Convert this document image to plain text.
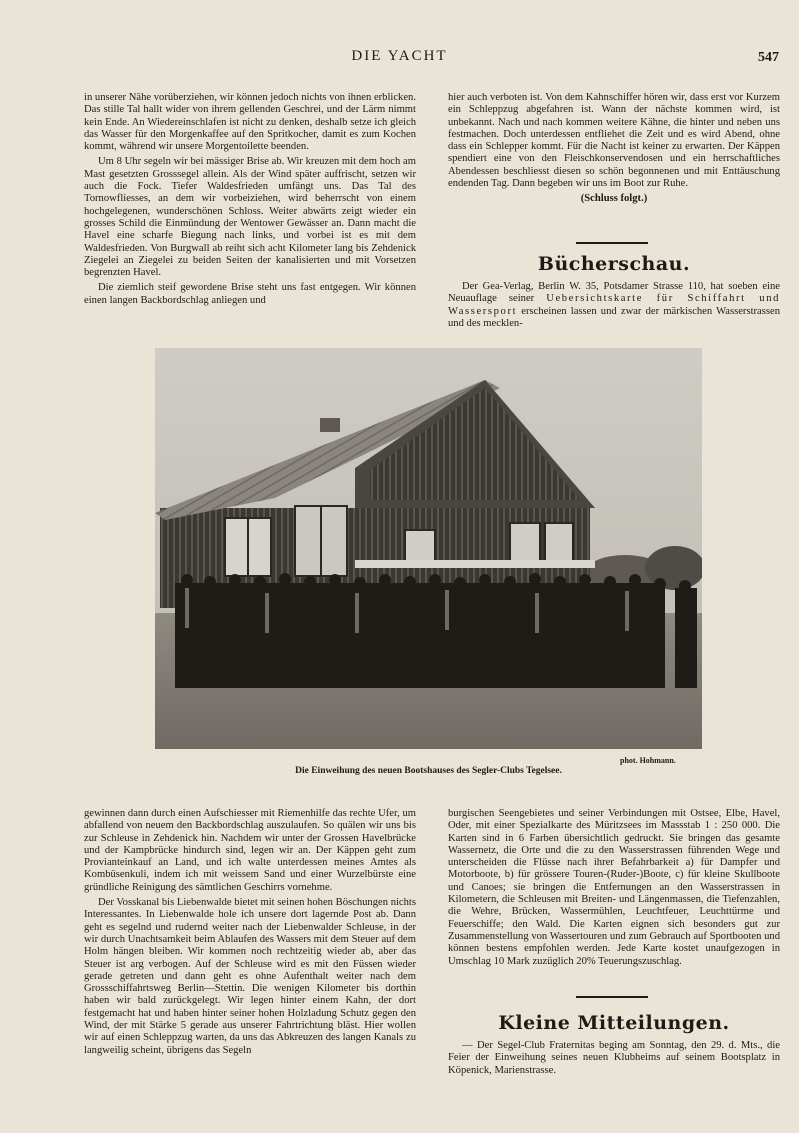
DIE YACHT	547

in unserer Nähe vorüberziehen, wir können jedoch nichts von ihnen erblicken. Das stille Tal hallt wider von ihrem gellenden Geschrei, und der Lärm nimmt kein Ende. An Wiedereinschlafen ist nicht zu denken, deshalb setze ich gleich das Wasser für den Morgenkaffee auf den Spritkocher, damit es zum Kochen kommt, während wir unsere Morgentoilette beenden.

Um 8 Uhr segeln wir bei mässiger Brise ab. Wir kreuzen mit dem hoch am Mast gesetzten Grosssegel allein. Als der Wind später auffrischt, setzen wir auch die Fock. Tiefer Waldesfrieden umfängt uns. Das Tal des Tornowfliesses, an dem wir vorbeiziehen, wird beherrscht von einem hochgelegenen, wunderschönen Schloss. Weiter abwärts zeigt wieder ein grosses Schild die Einmündung der Wentower Gewässer an. Dann macht die Havel eine scharfe Biegung nach links, und vorbei ist es mit dem Waldesfrieden. Von Burgwall ab reiht sich acht Kilometer lang bis Zehdenick Ziegelei an Ziegelei zu beiden Seiten der kanalisierten und mit Vorsetzen begrenzten Havel.

Die ziemlich steif gewordene Brise steht uns fast entgegen. Wir können einen langen Backbordschlag anliegen und

hier auch verboten ist. Von dem Kahnschiffer hören wir, dass erst vor Kurzem ein Schleppzug abgefahren ist. Wann der nächste kommen wird, ist unbekannt. Nach und nach kommen weitere Kähne, die hinter und neben uns festmachen. Doch unterdessen entfliehet die Zeit und es wird Abend, ohne dass ein Schlepper kommt. Für die Nacht ist keiner zu erwarten. Der Käppen spendiert eine von den Fleischkonservendosen und ein herrschaftliches Abendessen beschliesst diesen so schön begonnenen und mit Enttäuschung endenden Tag. Dann begeben wir uns im Boot zur Ruhe.

(Schluss folgt.)

Bücherschau.

Der Gea-Verlag, Berlin W. 35, Potsdamer Strasse 110, hat soeben eine Neuauflage seiner Uebersichtskarte für Schiffahrt und Wassersport erscheinen lassen und zwar der märkischen Wasserstrassen und des mecklen-

phot. Hohmann.
Die Einweihung des neuen Bootshauses des Segler-Clubs Tegelsee.

gewinnen dann durch einen Aufschiesser mit Riemenhilfe das rechte Ufer, um abfallend von neuem den Backbordschlag auszulaufen. So quälen wir uns bis zur Schleuse in Zehdenick hin. Nachdem wir unter der Grossen Havelbrücke und der Kampbrücke hindurch sind, legen wir an. Der Käppen geht zum Provianteinkauf an Land, und ich walte unterdessen meines Amtes als Kombüsenkuli, indem ich mit weissem Sand und einer Wurzelbürste eine gründliche Reinigung des sämtlichen Geschirrs vornehme.

Der Vosskanal bis Liebenwalde bietet mit seinen hohen Böschungen nichts Interessantes. In Liebenwalde hole ich unsere dort lagernde Post ab. Dann geht es segelnd und rudernd weiter nach der Liebenwalder Schleuse, in der wir durch Unachtsamkeit beim Ablaufen des Wassers mit dem Steuer auf dem Holm hängen bleiben. Wir kommen noch rechtzeitig wieder ab, aber das Steuer ist arg verbogen. Auf der Schleuse wird es mit den Füssen wieder gerade getreten und dann geht es ohne Aufenthalt weiter nach dem Grossschiffahrtsweg Berlin—Stettin. Die wenigen Kilometer bis dorthin haben wir bald zurückgelegt. Wir legen hinter einem Kahn, der dort festgemacht hat und haben hinter seiner hohen Holzladung Schutz gegen den Wind, der mit Stärke 5 gerade aus unserer Fahrtrichtung bläst. Hier wollen wir auf einen Schleppzug warten, da uns das Abkreuzen des langen Kanals zu langweilig scheint, übrigens das Segeln

burgischen Seengebietes und seiner Verbindungen mit Ostsee, Elbe, Havel, Oder, mit einer Spezialkarte des Müritzsees im Massstab 1 : 250 000. Die Karten sind in 6 Farben übersichtlich gedruckt. Sie bringen das gesamte Wassernetz, die Orte und die zu den Wasserstrassen führenden Wege und unterscheiden die Flüsse nach ihrer Befahrbarkeit a) für Dampfer und Motorboote, b) für grössere Touren-(Ruder-)Boote, c) für kleine Skullboote und Canoes; sie bringen die Entfernungen an den Wasserstrassen in Kilometern, die Schleusen mit Breiten- und Längenmassen, die Tiefenzahlen, die Wehre, Brücken, Wassermühlen, Leuchtfeuer, Leuchttürme und Feuerschiffe; den Wald. Die Karten eignen sich besonders gut zur Zusammenstellung von Wassertouren und zum Gebrauch auf Sportbooten und können bestens empfohlen werden. Jede Karte kostet unaufgezogen in Umschlag 10 Mark zuzüglich 20% Teuerungszuschlag.

Kleine Mitteilungen.

— Der Segel-Club Fraternitas beging am Sonntag, den 29. d. Mts., die Feier der Einweihung seines neuen Klubheims auf seinem Bootsplatz in Köpenick, Marienstrasse.
